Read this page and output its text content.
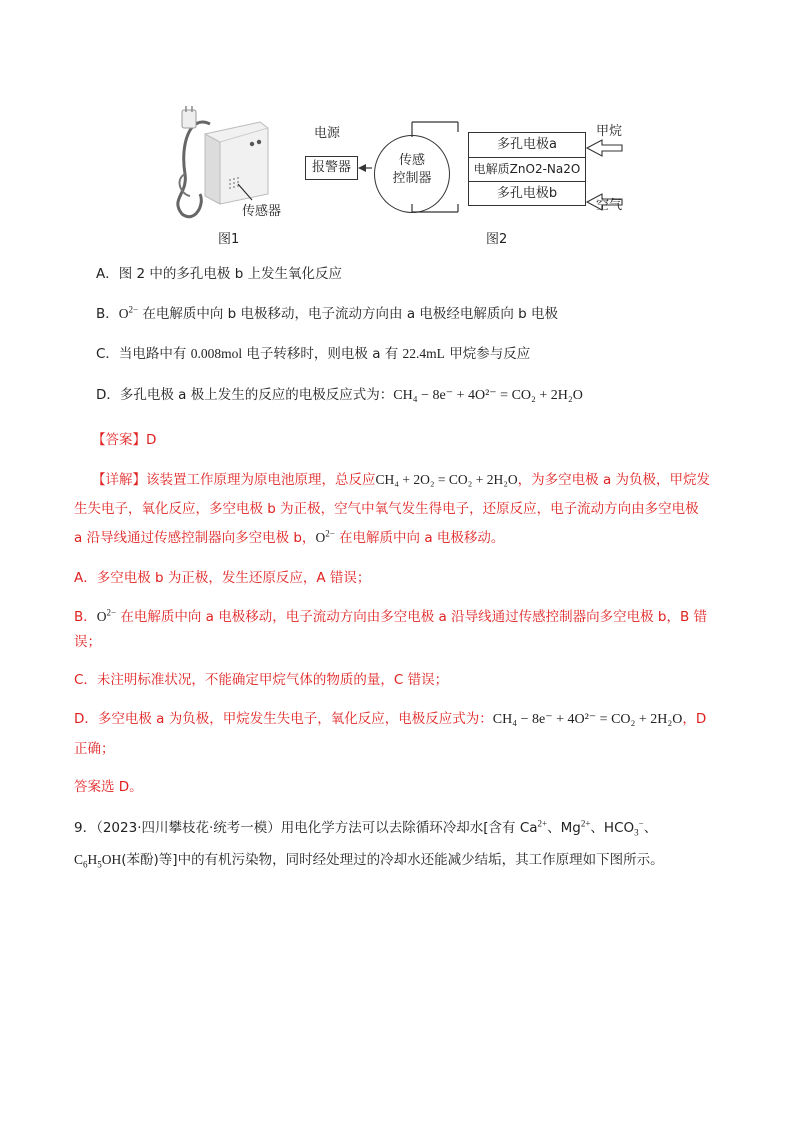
传感器
图1
电源
报警器	传感
控制器
多孔电极a
电解质ZnO2-Na2O
多孔电极b
甲烷
空气
图2
A．图 2 中的多孔电极 b 上发生氧化反应
B．$O^{2-}$ 在电解质中向 b 电极移动，电子流动方向由 a 电极经电解质向 b 电极
C．当电路中有 0.008mol 电子转移时，则电极 a 有 22.4mL 甲烷参与反应
D．多孔电极 a 极上发生的反应的电极反应式为：CH₄ − 8e⁻ + 4O²⁻ = CO₂ + 2H₂O
【答案】D
【详解】该装置工作原理为原电池原理，总反应CH₄ + 2O₂ = CO₂ + 2H₂O，为多空电极 a 为负极，甲烷发
生失电子，氧化反应，多空电极 b 为正极，空气中氧气发生得电子，还原反应，电子流动方向由多空电极
a 沿导线通过传感控制器向多空电极 b，$O^{2-}$ 在电解质中向 a 电极移动。
A．多空电极 b 为正极，发生还原反应，A 错误；
B．$O^{2-}$ 在电解质中向 a 电极移动，电子流动方向由多空电极 a 沿导线通过传感控制器向多空电极 b，B 错
误；
C．未注明标准状况，不能确定甲烷气体的物质的量，C 错误；
D．多空电极 a 为负极，甲烷发生失电子，氧化反应，电极反应式为：CH₄ − 8e⁻ + 4O²⁻ = CO₂ + 2H₂O，D
正确；
答案选 D。
9．（2023·四川攀枝花·统考一模）用电化学方法可以去除循环冷却水[含有 $Ca^{2+}$、$Mg^{2+}$、$HCO_3^-$、
$C_6H_5OH$(苯酚)等]中的有机污染物，同时经处理过的冷却水还能减少结垢，其工作原理如下图所示。
